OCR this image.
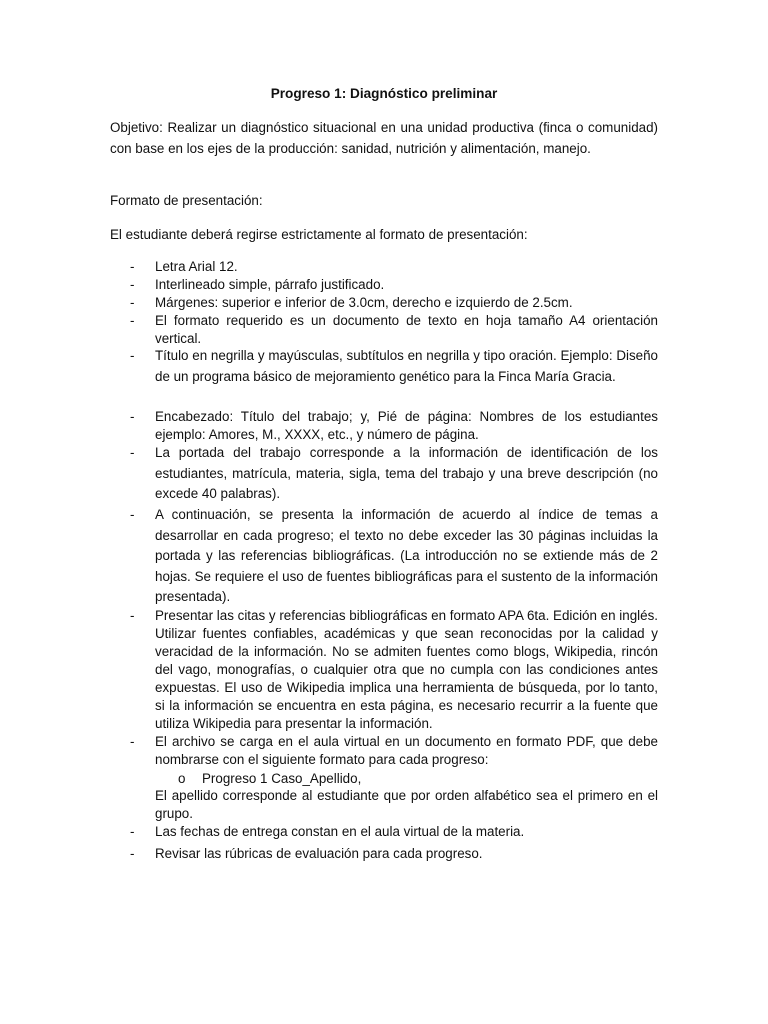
Progreso 1: Diagnóstico preliminar
Objetivo: Realizar un diagnóstico situacional en una unidad productiva (finca o comunidad) con base en los ejes de la producción: sanidad, nutrición y alimentación, manejo.
Formato de presentación:
El estudiante deberá regirse estrictamente al formato de presentación:
- Letra Arial 12.
- Interlineado simple, párrafo justificado.
- Márgenes: superior e inferior de 3.0cm, derecho e izquierdo de 2.5cm.
- El formato requerido es un documento de texto en hoja tamaño A4 orientación vertical.
- Título en negrilla y mayúsculas, subtítulos en negrilla y tipo oración. Ejemplo: Diseño de un programa básico de mejoramiento genético para la Finca María Gracia.
- Encabezado: Título del trabajo; y, Pié de página: Nombres de los estudiantes ejemplo: Amores, M., XXXX, etc., y número de página.
- La portada del trabajo corresponde a la información de identificación de los estudiantes, matrícula, materia, sigla, tema del trabajo y una breve descripción (no excede 40 palabras).
- A continuación, se presenta la información de acuerdo al índice de temas a desarrollar en cada progreso; el texto no debe exceder las 30 páginas incluidas la portada y las referencias bibliográficas. (La introducción no se extiende más de 2 hojas. Se requiere el uso de fuentes bibliográficas para el sustento de la información presentada).
- Presentar las citas y referencias bibliográficas en formato APA 6ta. Edición en inglés. Utilizar fuentes confiables, académicas y que sean reconocidas por la calidad y veracidad de la información. No se admiten fuentes como blogs, Wikipedia, rincón del vago, monografías, o cualquier otra que no cumpla con las condiciones antes expuestas. El uso de Wikipedia implica una herramienta de búsqueda, por lo tanto, si la información se encuentra en esta página, es necesario recurrir a la fuente que utiliza Wikipedia para presentar la información.
- El archivo se carga en el aula virtual en un documento en formato PDF, que debe nombrarse con el siguiente formato para cada progreso:
o Progreso 1 Caso_Apellido,
El apellido corresponde al estudiante que por orden alfabético sea el primero en el grupo.
- Las fechas de entrega constan en el aula virtual de la materia.
- Revisar las rúbricas de evaluación para cada progreso.
